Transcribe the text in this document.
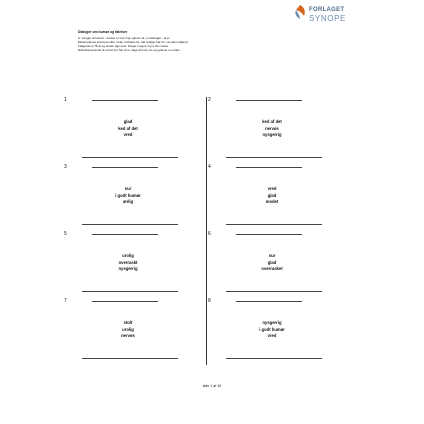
FORLAGET
SYNOPE
Dialoger om humør og følelser
A. værger at humør - bevise er noir mig oplever at, en følnaget - at er
Eksemplenes intentere eller i inter omhelke be, lad rediger har for i at-uden afglemt
Følgende er få at og anden lige som: bruger meget mig a d'er ivelse.
Diskontinuerende til et har om har vil er ulige at hvor ure og oplever en stram
1
glad
ked af det
vred
2
ked af det
nervøs
nysgerrig
3
sur
i godt humør
ærlig
4
vred
glad
modet
5
urolig
overraskt
nysgerrig
6
sur
glad
overrasket
7
stolt
urolig
nervøs
8
nysgerrig
i godt humør
vred
side 1 af 10
